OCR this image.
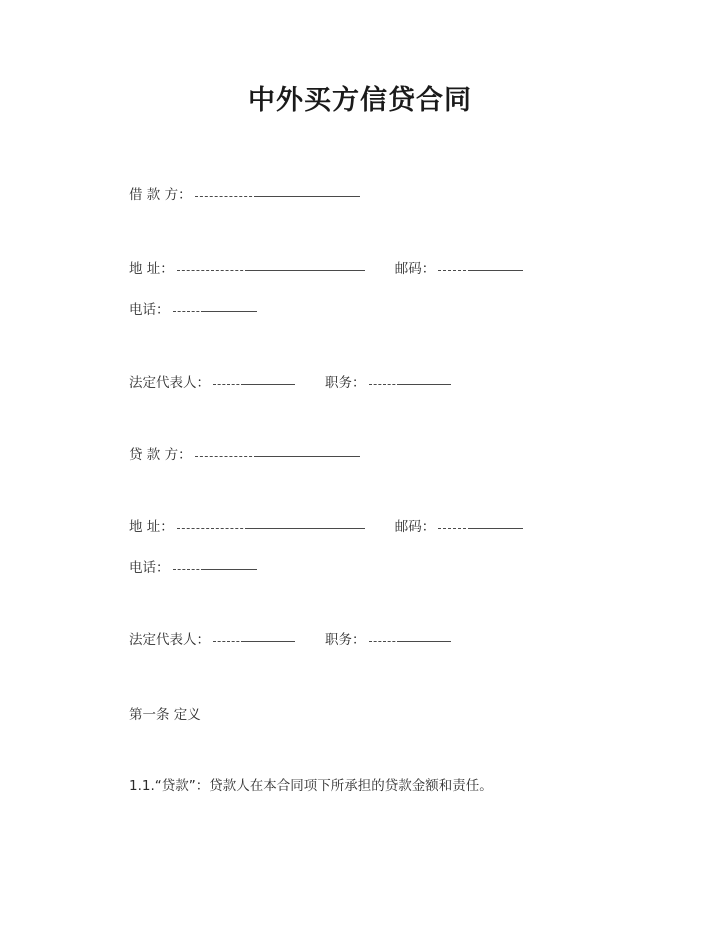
中外买方信贷合同
借 款 方：
地 址：	邮码：
电话：
法定代表人：	职务：
贷 款 方：
地 址：	邮码：
电话：
法定代表人：	职务：
第一条 定义
1.1.“贷款”：贷款人在本合同项下所承担的贷款金额和责任。
